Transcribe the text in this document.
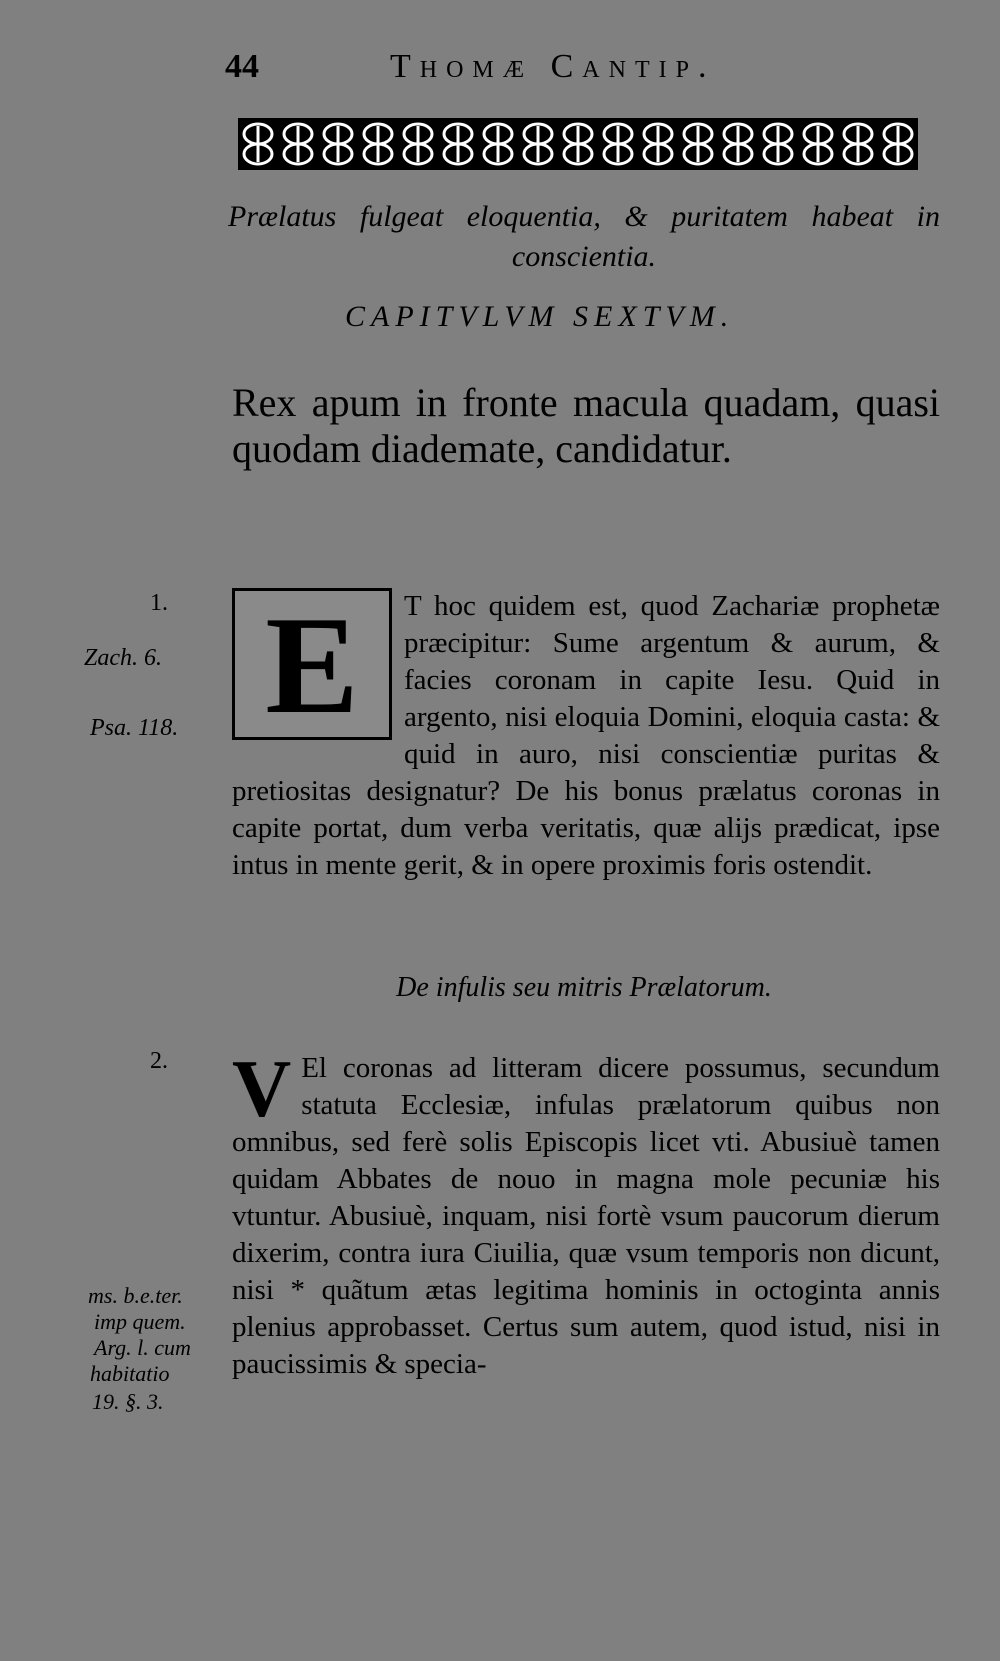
44	Thomæ Cantip.
Prælatus fulgeat eloquentia, & puritatem habeat in
conscientia.
CAPITVLVM SEXTVM.
Rex apum in fronte macula quadam, quasi quodam diademate, candidatur.
1.
Zach. 6.
Psa. 118.
2.
ms. b.e.ter.
imp quem.
Arg. l. cum
habitatio
19. §. 3.
E	T hoc quidem est, quod Zachariæ prophetæ præcipitur: Sume argentum & aurum, & facies coronam in capite Iesu. Quid in argento, nisi eloquia Domini, eloquia casta: & quid in auro, nisi conscientiæ puritas & pretiositas designatur? De his bonus prælatus coronas in capite portat, dum verba veritatis, quæ alijs prædicat, ipse intus in mente gerit, & in opere proximis foris ostendit.
De infulis seu mitris Prælatorum.
V El coronas ad litteram dicere possumus, secundum statuta Ecclesiæ, infulas prælatorum quibus non omnibus, sed ferè solis Episcopis licet vti. Abusiuè tamen quidam Abbates de nouo in magna mole pecuniæ his vtuntur. Abusiuè, inquam, nisi fortè vsum paucorum dierum dixerim, contra iura Ciuilia, quæ vsum temporis non dicunt, nisi * quãtum ætas legitima hominis in octoginta annis plenius approbasset. Certus sum autem, quod istud, nisi in paucissimis & specia-
